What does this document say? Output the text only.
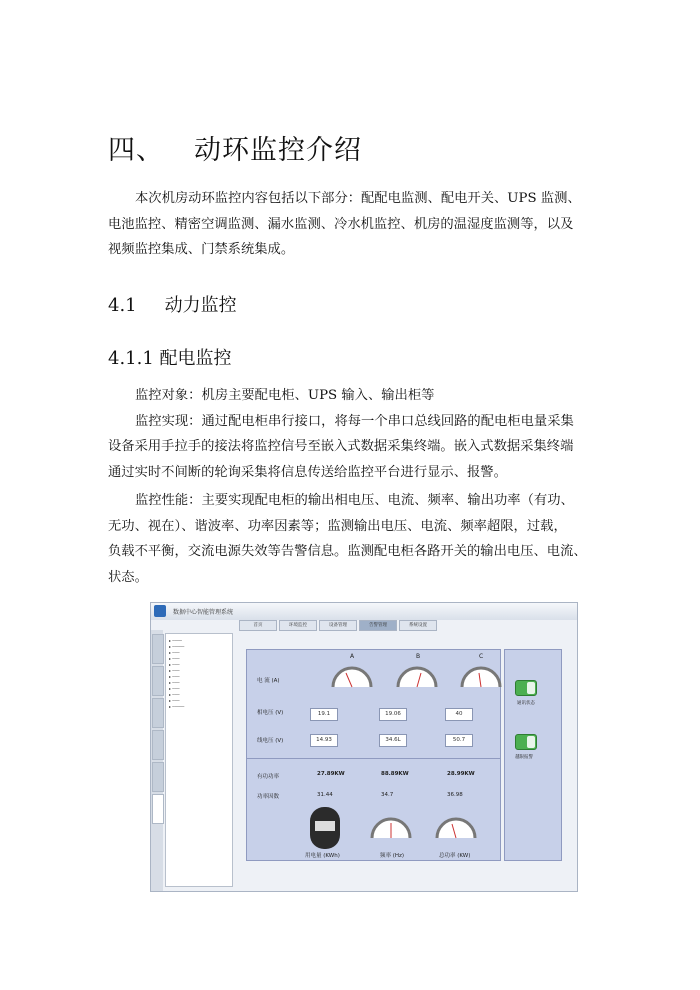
四、 动环监控介绍
本次机房动环监控内容包括以下部分：配配电监测、配电开关、UPS 监测、
电池监控、精密空调监测、漏水监测、冷水机监控、机房的温湿度监测等，以及
视频监控集成、门禁系统集成。
4.1 动力监控
4.1.1 配电监控
监控对象：机房主要配电柜、UPS 输入、输出柜等
监控实现：通过配电柜串行接口，将每一个串口总线回路的配电柜电量采集
设备采用手拉手的接法将监控信号至嵌入式数据采集终端。嵌入式数据采集终端
通过实时不间断的轮询采集将信息传送给监控平台进行显示、报警。
监控性能：主要实现配电柜的输出相电压、电流、频率、输出功率（有功、
无功、视在）、谐波率、功率因素等；监测输出电压、电流、频率超限，过载，
负载不平衡，交流电源失效等告警信息。监测配电柜各路开关的输出电压、电流、
状态。
数据中心智能管理系统
首页	环境监控	设备管理	告警管理	系统设置
▸ ────
▸ ─────
▸ ───
▸ ───
▸ ───
▸ ───
▸ ───
▸ ───
▸ ───
▸ ───
▸ ───
▸ ─────
A	B	C
电 流 (A)
相电压 (V)	19.1	19.06	40
线电压 (V)	14.93	34.6L	50.7
有功功率	27.89KW	88.89KW	28.99KW
功率因数	31.44	34.7	36.98
用电量 (KWh)	频率 (Hz)	总功率 (KW)
通讯状态
越限报警
